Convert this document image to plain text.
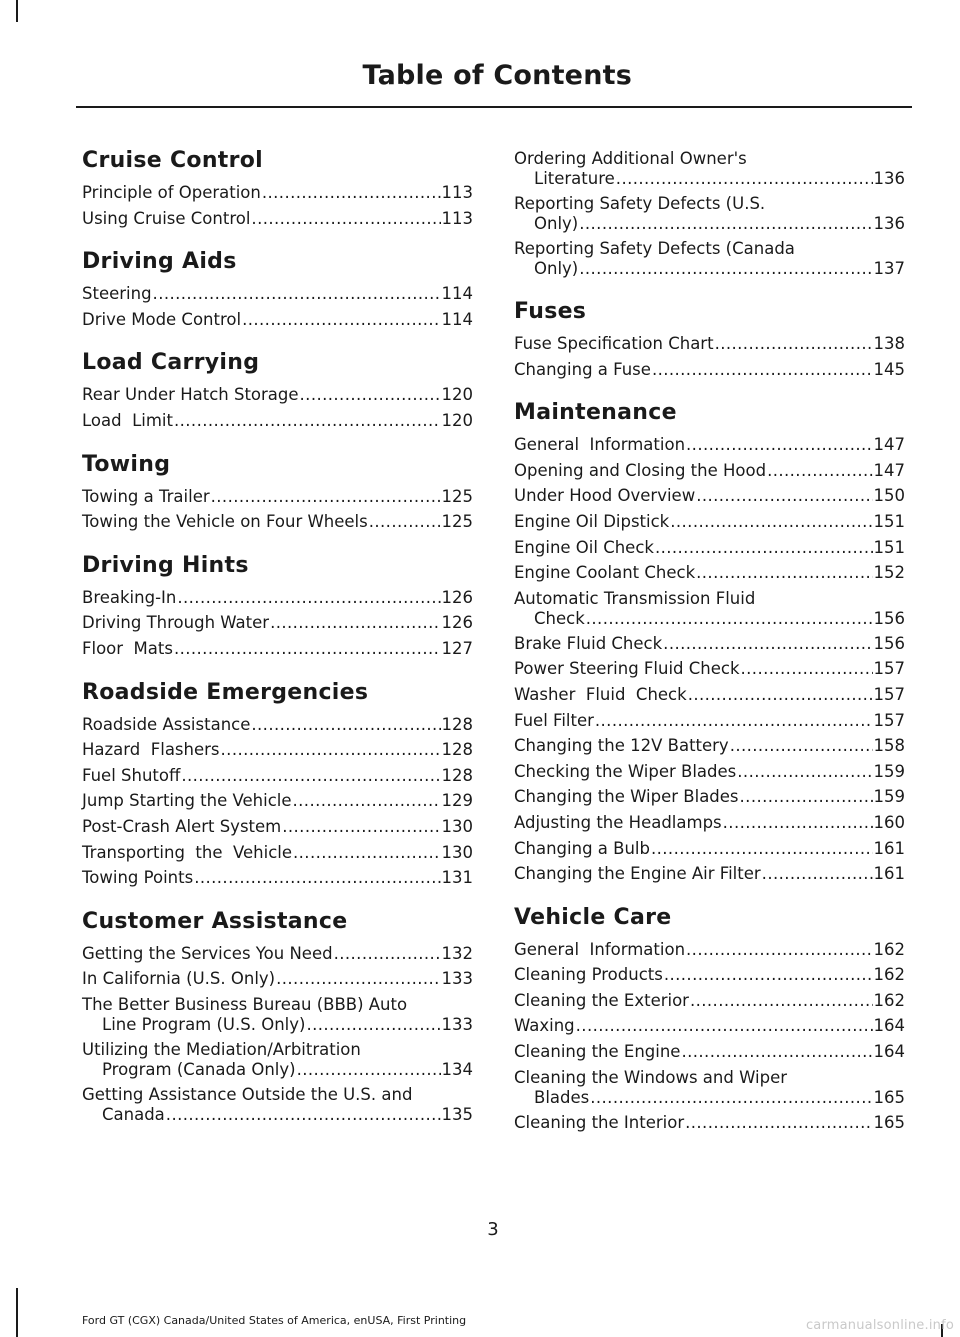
Table of Contents
Cruise Control
Principle of Operation .....	113
Using Cruise Control .....	113
Driving Aids
Steering .....	114
Drive Mode Control .....	114
Load Carrying
Rear Under Hatch Storage .....	120
Load  Limit .....	120
Towing
Towing a Trailer .....	125
Towing the Vehicle on Four Wheels .....	125
Driving Hints
Breaking-In .....	126
Driving Through Water .....	126
Floor  Mats .....	127
Roadside Emergencies
Roadside Assistance .....	128
Hazard  Flashers .....	128
Fuel Shutoff .....	128
Jump Starting the Vehicle .....	129
Post-Crash Alert System .....	130
Transporting  the  Vehicle .....	130
Towing Points .....	131
Customer Assistance
Getting the Services You Need .....	132
In California (U.S. Only) .....	133
The Better Business Bureau (BBB) Auto
Line Program (U.S. Only) .....	133
Utilizing the Mediation/Arbitration
Program (Canada Only) .....	134
Getting Assistance Outside the U.S. and
Canada .....	135
Ordering Additional Owner's
Literature .....	136
Reporting Safety Defects (U.S.
Only) .....	136
Reporting Safety Defects (Canada
Only) .....	137
Fuses
Fuse Specification Chart .....	138
Changing a Fuse .....	145
Maintenance
General  Information .....	147
Opening and Closing the Hood .....	147
Under Hood Overview .....	150
Engine Oil Dipstick .....	151
Engine Oil Check .....	151
Engine Coolant Check .....	152
Automatic Transmission Fluid
Check .....	156
Brake Fluid Check .....	156
Power Steering Fluid Check .....	157
Washer  Fluid  Check .....	157
Fuel Filter .....	157
Changing the 12V Battery .....	158
Checking the Wiper Blades .....	159
Changing the Wiper Blades .....	159
Adjusting the Headlamps .....	160
Changing a Bulb .....	161
Changing the Engine Air Filter .....	161
Vehicle Care
General  Information .....	162
Cleaning Products .....	162
Cleaning the Exterior .....	162
Waxing .....	164
Cleaning the Engine .....	164
Cleaning the Windows and Wiper
Blades .....	165
Cleaning the Interior .....	165
3
Ford GT (CGX) Canada/United States of America, enUSA, First Printing	carmanualsonline.info
